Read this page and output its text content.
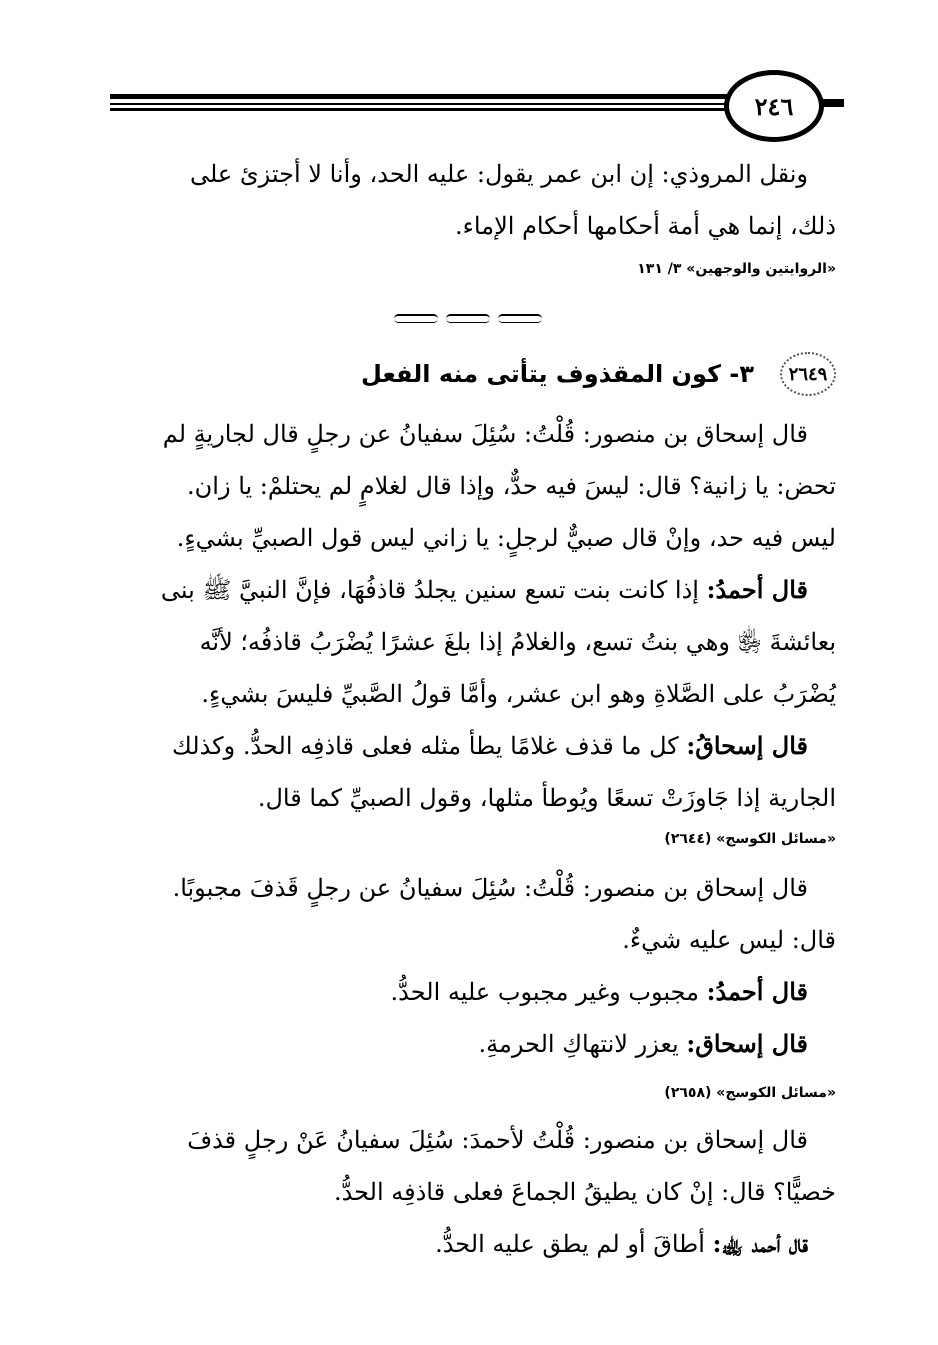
٢٤٦

ونقل المروذي: إن ابن عمر يقول: عليه الحد، وأنا لا أجتزئ على

ذلك، إنما هي أمة أحكامها أحكام الإماء.

«الروايتين والوجهين» ٣/ ١٣١

٢٦٤٩
٣- كون المقذوف يتأتى منه الفعل

قال إسحاق بن منصور: قُلْتُ: سُئِلَ سفيانُ عن رجلٍ قال لجاريةٍ لم

تحض: يا زانية؟ قال: ليسَ فيه حدٌّ، وإذا قال لغلامٍ لم يحتلمْ: يا زان.

ليس فيه حد، وإنْ قال صبيٌّ لرجلٍ: يا زاني ليس قول الصبيِّ بشيءٍ.

قال أحمدُ: إذا كانت بنت تسع سنين يجلدُ قاذفُهَا، فإنَّ النبيَّ ﷺ بنى

بعائشةَ ﵂ وهي بنتُ تسع، والغلامُ إذا بلغَ عشرًا يُضْرَبُ قاذفُه؛ لأنَّه

يُضْرَبُ على الصَّلاةِ وهو ابن عشر، وأمَّا قولُ الصَّبيِّ فليسَ بشيءٍ.

قال إسحاقُ: كل ما قذف غلامًا يطأ مثله فعلى قاذفِه الحدُّ. وكذلك

الجارية إذا جَاوزَتْ تسعًا ويُوطأ مثلها، وقول الصبيِّ كما قال.

«مسائل الكوسج» (٢٦٤٤)

قال إسحاق بن منصور: قُلْتُ: سُئِلَ سفيانُ عن رجلٍ قَذفَ مجبوبًا.

قال: ليس عليه شيءٌ.

قال أحمدُ: مجبوب وغير مجبوب عليه الحدُّ.

قال إسحاق: يعزر لانتهاكِ الحرمةِ.

«مسائل الكوسج» (٢٦٥٨)

قال إسحاق بن منصور: قُلْتُ لأحمدَ: سُئِلَ سفيانُ عَنْ رجلٍ قذفَ

خصيًّا؟ قال: إنْ كان يطيقُ الجماعَ فعلى قاذفِه الحدُّ.

قال أحمد ﵀: أطاقَ أو لم يطق عليه الحدُّ.
